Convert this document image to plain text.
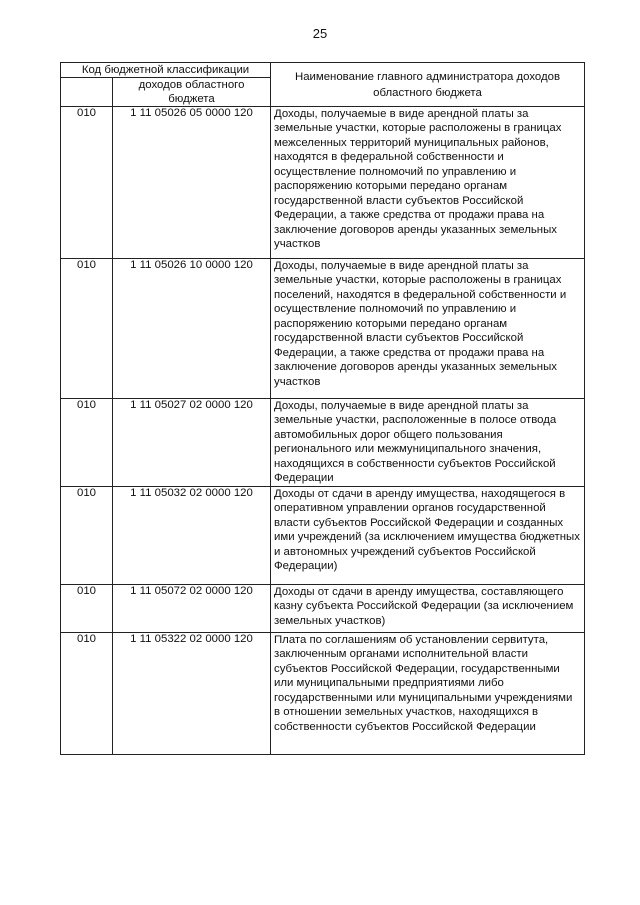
25
Код бюджетной классификации		Наименование главного администратора доходов областного бюджета
	доходов областного бюджета	
010	1 11 05026 05 0000 120	Доходы, получаемые в виде арендной платы за земельные участки, которые расположены в границах межселенных территорий муниципальных районов, находятся в федеральной собственности и осуществление полномочий по управлению и распоряжению которыми передано органам государственной власти субъектов Российской Федерации, а также средства от продажи права на заключение договоров аренды указанных земельных участков
010	1 11 05026 10 0000 120	Доходы, получаемые в виде арендной платы за земельные участки, которые расположены в границах поселений, находятся в федеральной собственности и осуществление полномочий по управлению и распоряжению которыми передано органам государственной власти субъектов Российской Федерации, а также средства от продажи права на заключение договоров аренды указанных земельных участков
010	1 11 05027 02 0000 120	Доходы, получаемые в виде арендной платы за земельные участки, расположенные в полосе отвода автомобильных дорог общего пользования регионального или межмуниципального значения, находящихся в собственности субъектов Российской Федерации
010	1 11 05032 02 0000 120	Доходы от сдачи в аренду имущества, находящегося в оперативном управлении органов государственной власти субъектов Российской Федерации и созданных ими учреждений (за исключением имущества бюджетных и автономных учреждений субъектов Российской Федерации)
010	1 11 05072 02 0000 120	Доходы от сдачи в аренду имущества, составляющего казну субъекта Российской Федерации (за исключением земельных участков)
010	1 11 05322 02 0000 120	Плата по соглашениям об установлении сервитута, заключенным органами исполнительной власти субъектов Российской Федерации, государственными или муниципальными предприятиями либо государственными или муниципальными учреждениями в отношении земельных участков, находящихся в собственности субъектов Российской Федерации
